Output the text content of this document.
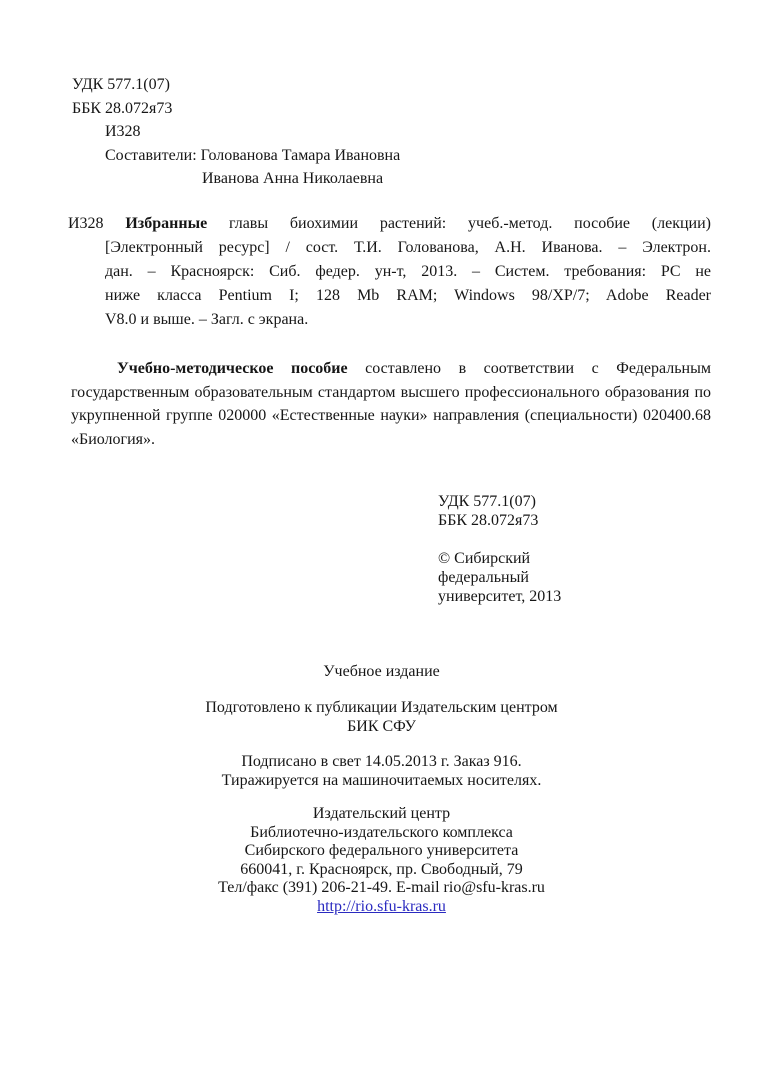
УДК 577.1(07)
ББК 28.072я73
И328
Составители: Голованова Тамара Ивановна
Иванова Анна Николаевна
И328 Избранные главы биохимии растений: учеб.-метод. пособие (лекции)
[Электронный ресурс] / сост. Т.И. Голованова, А.Н. Иванова. – Электрон.
дан. – Красноярск: Сиб. федер. ун-т, 2013. – Систем. требования: PC не
ниже класса Pentium I; 128 Mb RAM; Windows 98/XP/7; Adobe Reader
V8.0 и выше. – Загл. с экрана.
Учебно-методическое пособие составлено в соответствии с Федеральным
государственным образовательным стандартом высшего профессионального образования по
укрупненной группе 020000 «Естественные науки» направления (специальности) 020400.68
«Биология».
УДК 577.1(07)
ББК 28.072я73
© Сибирский
федеральный
университет, 2013
Учебное издание
Подготовлено к публикации Издательским центром
БИК СФУ
Подписано в свет 14.05.2013 г. Заказ 916.
Тиражируется на машиночитаемых носителях.
Издательский центр
Библиотечно-издательского комплекса
Сибирского федерального университета
660041, г. Красноярск, пр. Свободный, 79
Тел/факс (391) 206-21-49. E-mail rio@sfu-kras.ru
http://rio.sfu-kras.ru
